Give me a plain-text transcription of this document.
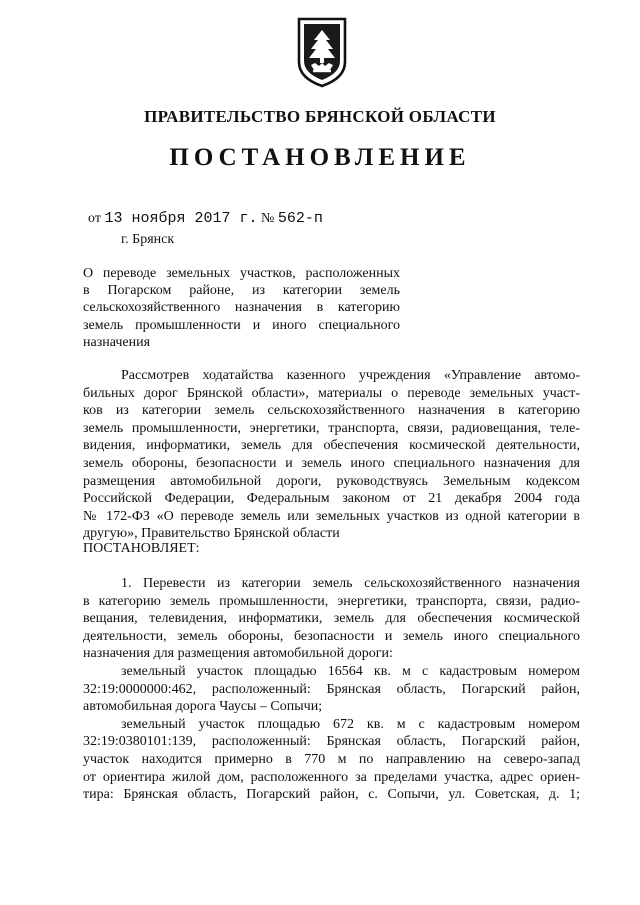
ПРАВИТЕЛЬСТВО БРЯНСКОЙ ОБЛАСТИ
ПОСТАНОВЛЕНИЕ
от 13 ноября 2017 г. № 562-п
г. Брянск
О переводе земельных участков, расположенных
в Погарском районе, из категории земель
сельскохозяйственного назначения в категорию
земель промышленности и иного специального
назначения
Рассмотрев ходатайства казенного учреждения «Управление автомо-
бильных дорог Брянской области», материалы о переводе земельных участ-
ков из категории земель сельскохозяйственного назначения в категорию
земель промышленности, энергетики, транспорта, связи, радиовещания, теле-
видения, информатики, земель для обеспечения космической деятельности,
земель обороны, безопасности и земель иного специального назначения для
размещения автомобильной дороги, руководствуясь Земельным кодексом
Российской Федерации, Федеральным законом от 21 декабря 2004 года
№ 172-ФЗ «О переводе земель или земельных участков из одной категории в
другую», Правительство Брянской области
ПОСТАНОВЛЯЕТ:
1. Перевести из категории земель сельскохозяйственного назначения
в категорию земель промышленности, энергетики, транспорта, связи, радио-
вещания, телевидения, информатики, земель для обеспечения космической
деятельности, земель обороны, безопасности и земель иного специального
назначения для размещения автомобильной дороги:
земельный участок площадью 16564 кв. м с кадастровым номером
32:19:0000000:462, расположенный: Брянская область, Погарский район,
автомобильная дорога Чаусы – Сопычи;
земельный участок площадью 672 кв. м с кадастровым номером
32:19:0380101:139, расположенный: Брянская область, Погарский район,
участок находится примерно в 770 м по направлению на северо-запад
от ориентира жилой дом, расположенного за пределами участка, адрес ориен-
тира: Брянская область, Погарский район, с. Сопычи, ул. Советская, д. 1;
